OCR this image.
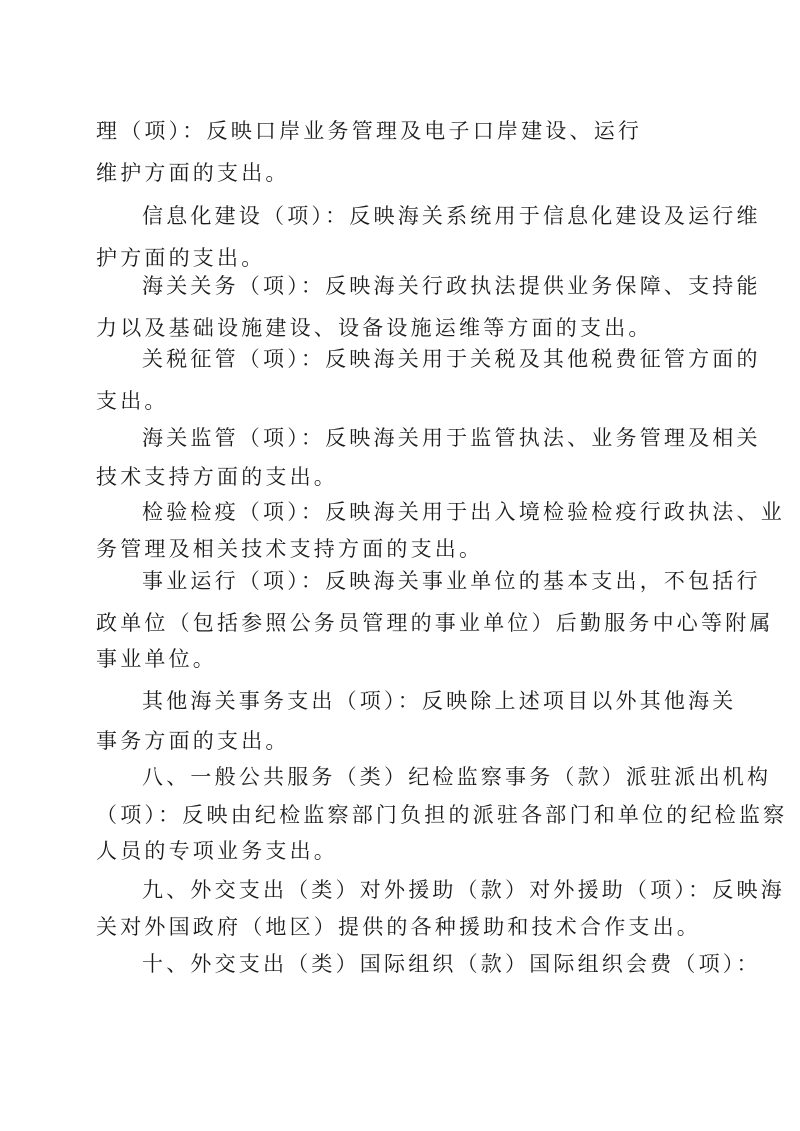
理（项）：反映口岸业务管理及电子口岸建设、运行
维护方面的支出。
信息化建设（项）：反映海关系统用于信息化建设及运行维
护方面的支出。
海关关务（项）：反映海关行政执法提供业务保障、支持能
力以及基础设施建设、设备设施运维等方面的支出。
关税征管（项）：反映海关用于关税及其他税费征管方面的
支出。
海关监管（项）：反映海关用于监管执法、业务管理及相关
技术支持方面的支出。
检验检疫（项）：反映海关用于出入境检验检疫行政执法、业
务管理及相关技术支持方面的支出。
事业运行（项）：反映海关事业单位的基本支出，不包括行
政单位（包括参照公务员管理的事业单位）后勤服务中心等附属
事业单位。
其他海关事务支出（项）：反映除上述项目以外其他海关
事务方面的支出。
八、一般公共服务（类）纪检监察事务（款）派驻派出机构
（项）：反映由纪检监察部门负担的派驻各部门和单位的纪检监察
人员的专项业务支出。
九、外交支出（类）对外援助（款）对外援助（项）：反映海
关对外国政府（地区）提供的各种援助和技术合作支出。
十、外交支出（类）国际组织（款）国际组织会费（项）：
